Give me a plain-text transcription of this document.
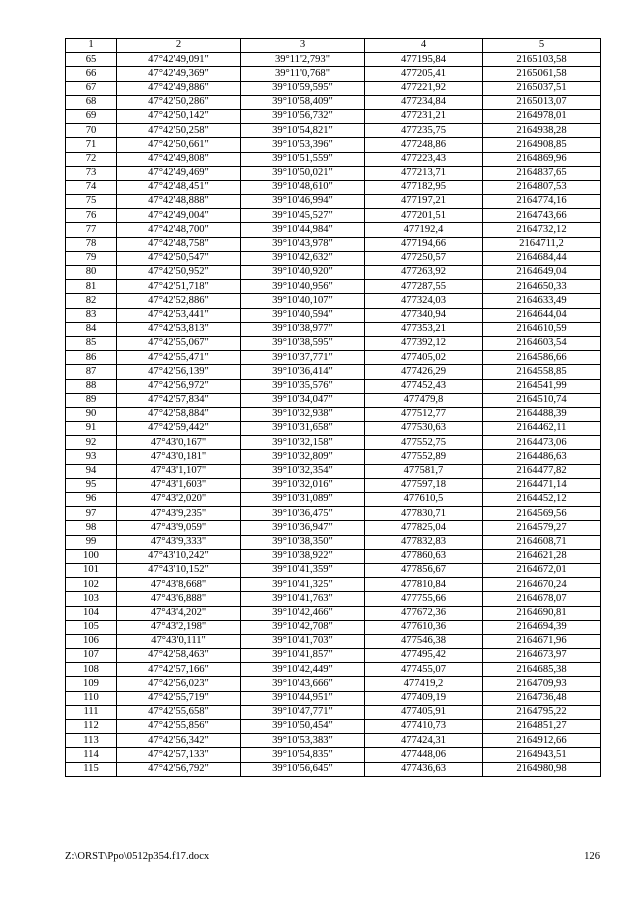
1	2	3	4	5
65	47°42'49,091"	39°11'2,793"	477195,84	2165103,58
66	47°42'49,369"	39°11'0,768"	477205,41	2165061,58
67	47°42'49,886"	39°10'59,595"	477221,92	2165037,51
68	47°42'50,286"	39°10'58,409"	477234,84	2165013,07
69	47°42'50,142"	39°10'56,732"	477231,21	2164978,01
70	47°42'50,258"	39°10'54,821"	477235,75	2164938,28
71	47°42'50,661"	39°10'53,396"	477248,86	2164908,85
72	47°42'49,808"	39°10'51,559"	477223,43	2164869,96
73	47°42'49,469"	39°10'50,021"	477213,71	2164837,65
74	47°42'48,451"	39°10'48,610"	477182,95	2164807,53
75	47°42'48,888"	39°10'46,994"	477197,21	2164774,16
76	47°42'49,004"	39°10'45,527"	477201,51	2164743,66
77	47°42'48,700"	39°10'44,984"	477192,4	2164732,12
78	47°42'48,758"	39°10'43,978"	477194,66	2164711,2
79	47°42'50,547"	39°10'42,632"	477250,57	2164684,44
80	47°42'50,952"	39°10'40,920"	477263,92	2164649,04
81	47°42'51,718"	39°10'40,956"	477287,55	2164650,33
82	47°42'52,886"	39°10'40,107"	477324,03	2164633,49
83	47°42'53,441"	39°10'40,594"	477340,94	2164644,04
84	47°42'53,813"	39°10'38,977"	477353,21	2164610,59
85	47°42'55,067"	39°10'38,595"	477392,12	2164603,54
86	47°42'55,471"	39°10'37,771"	477405,02	2164586,66
87	47°42'56,139"	39°10'36,414"	477426,29	2164558,85
88	47°42'56,972"	39°10'35,576"	477452,43	2164541,99
89	47°42'57,834"	39°10'34,047"	477479,8	2164510,74
90	47°42'58,884"	39°10'32,938"	477512,77	2164488,39
91	47°42'59,442"	39°10'31,658"	477530,63	2164462,11
92	47°43'0,167"	39°10'32,158"	477552,75	2164473,06
93	47°43'0,181"	39°10'32,809"	477552,89	2164486,63
94	47°43'1,107"	39°10'32,354"	477581,7	2164477,82
95	47°43'1,603"	39°10'32,016"	477597,18	2164471,14
96	47°43'2,020"	39°10'31,089"	477610,5	2164452,12
97	47°43'9,235"	39°10'36,475"	477830,71	2164569,56
98	47°43'9,059"	39°10'36,947"	477825,04	2164579,27
99	47°43'9,333"	39°10'38,350"	477832,83	2164608,71
100	47°43'10,242"	39°10'38,922"	477860,63	2164621,28
101	47°43'10,152"	39°10'41,359"	477856,67	2164672,01
102	47°43'8,668"	39°10'41,325"	477810,84	2164670,24
103	47°43'6,888"	39°10'41,763"	477755,66	2164678,07
104	47°43'4,202"	39°10'42,466"	477672,36	2164690,81
105	47°43'2,198"	39°10'42,708"	477610,36	2164694,39
106	47°43'0,111"	39°10'41,703"	477546,38	2164671,96
107	47°42'58,463"	39°10'41,857"	477495,42	2164673,97
108	47°42'57,166"	39°10'42,449"	477455,07	2164685,38
109	47°42'56,023"	39°10'43,666"	477419,2	2164709,93
110	47°42'55,719"	39°10'44,951"	477409,19	2164736,48
111	47°42'55,658"	39°10'47,771"	477405,91	2164795,22
112	47°42'55,856"	39°10'50,454"	477410,73	2164851,27
113	47°42'56,342"	39°10'53,383"	477424,31	2164912,66
114	47°42'57,133"	39°10'54,835"	477448,06	2164943,51
115	47°42'56,792"	39°10'56,645"	477436,63	2164980,98
Z:\ORST\Ppo\0512p354.f17.docx	126
